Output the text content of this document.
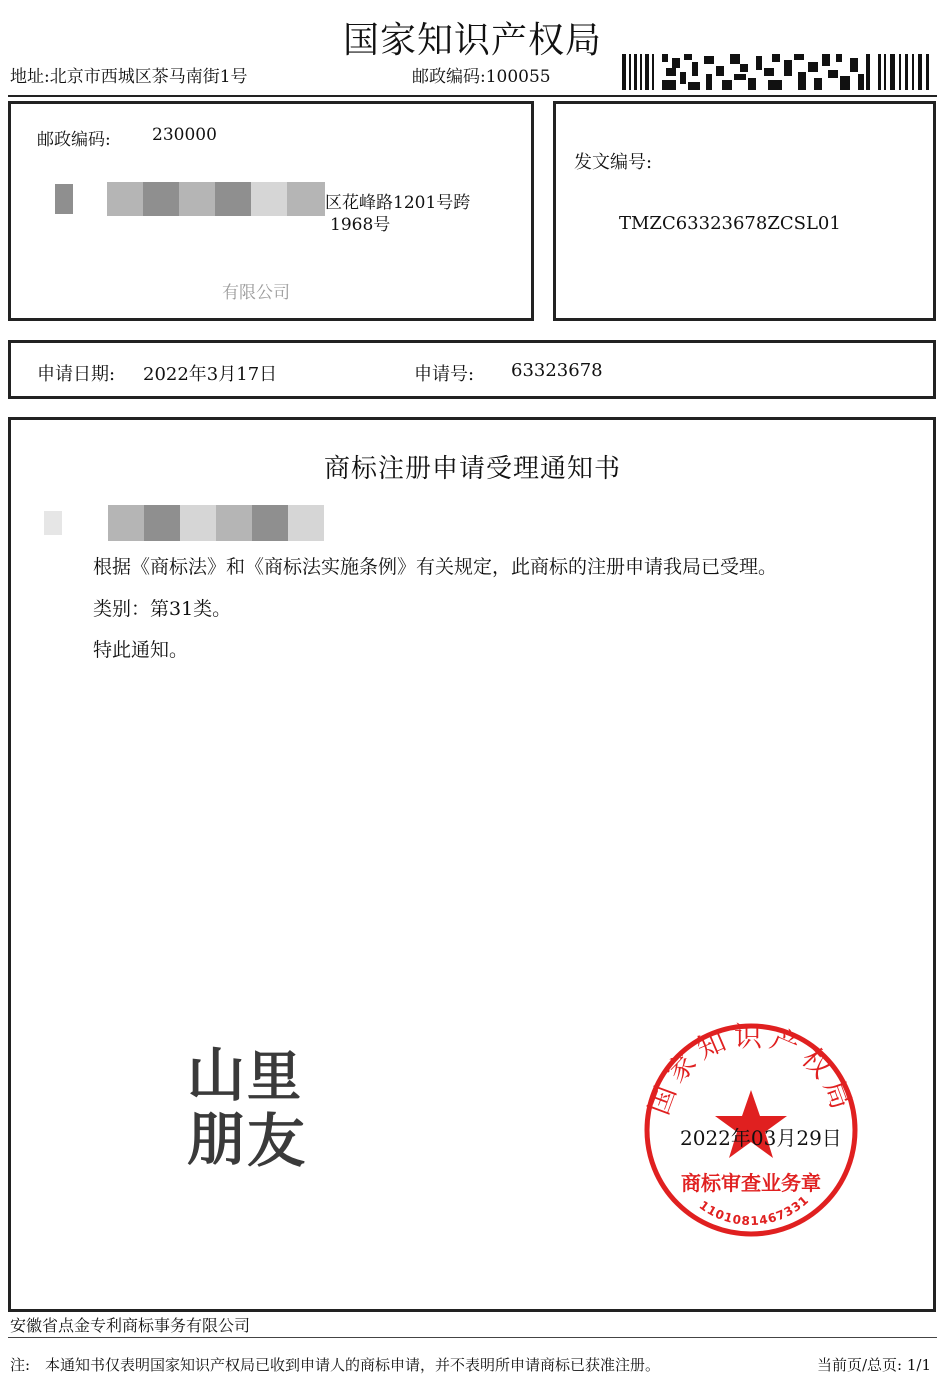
国家知识产权局
地址:北京市西城区茶马南街1号	邮政编码:100055
邮政编码: 230000
区花峰路1201号跨
1968号
有限公司
发文编号:
TMZC63323678ZCSL01
申请日期: 2022年3月17日	申请号: 63323678
商标注册申请受理通知书
根据《商标法》和《商标法实施条例》有关规定，此商标的注册申请我局已受理。
类别：第31类。
特此通知。
山 里
朋 友
国家知识产权局
商标审查业务章
1101081467331
2022年03月29日
安徽省点金专利商标事务有限公司
注:　本通知书仅表明国家知识产权局已收到申请人的商标申请，并不表明所申请商标已获准注册。	当前页/总页: 1/1
